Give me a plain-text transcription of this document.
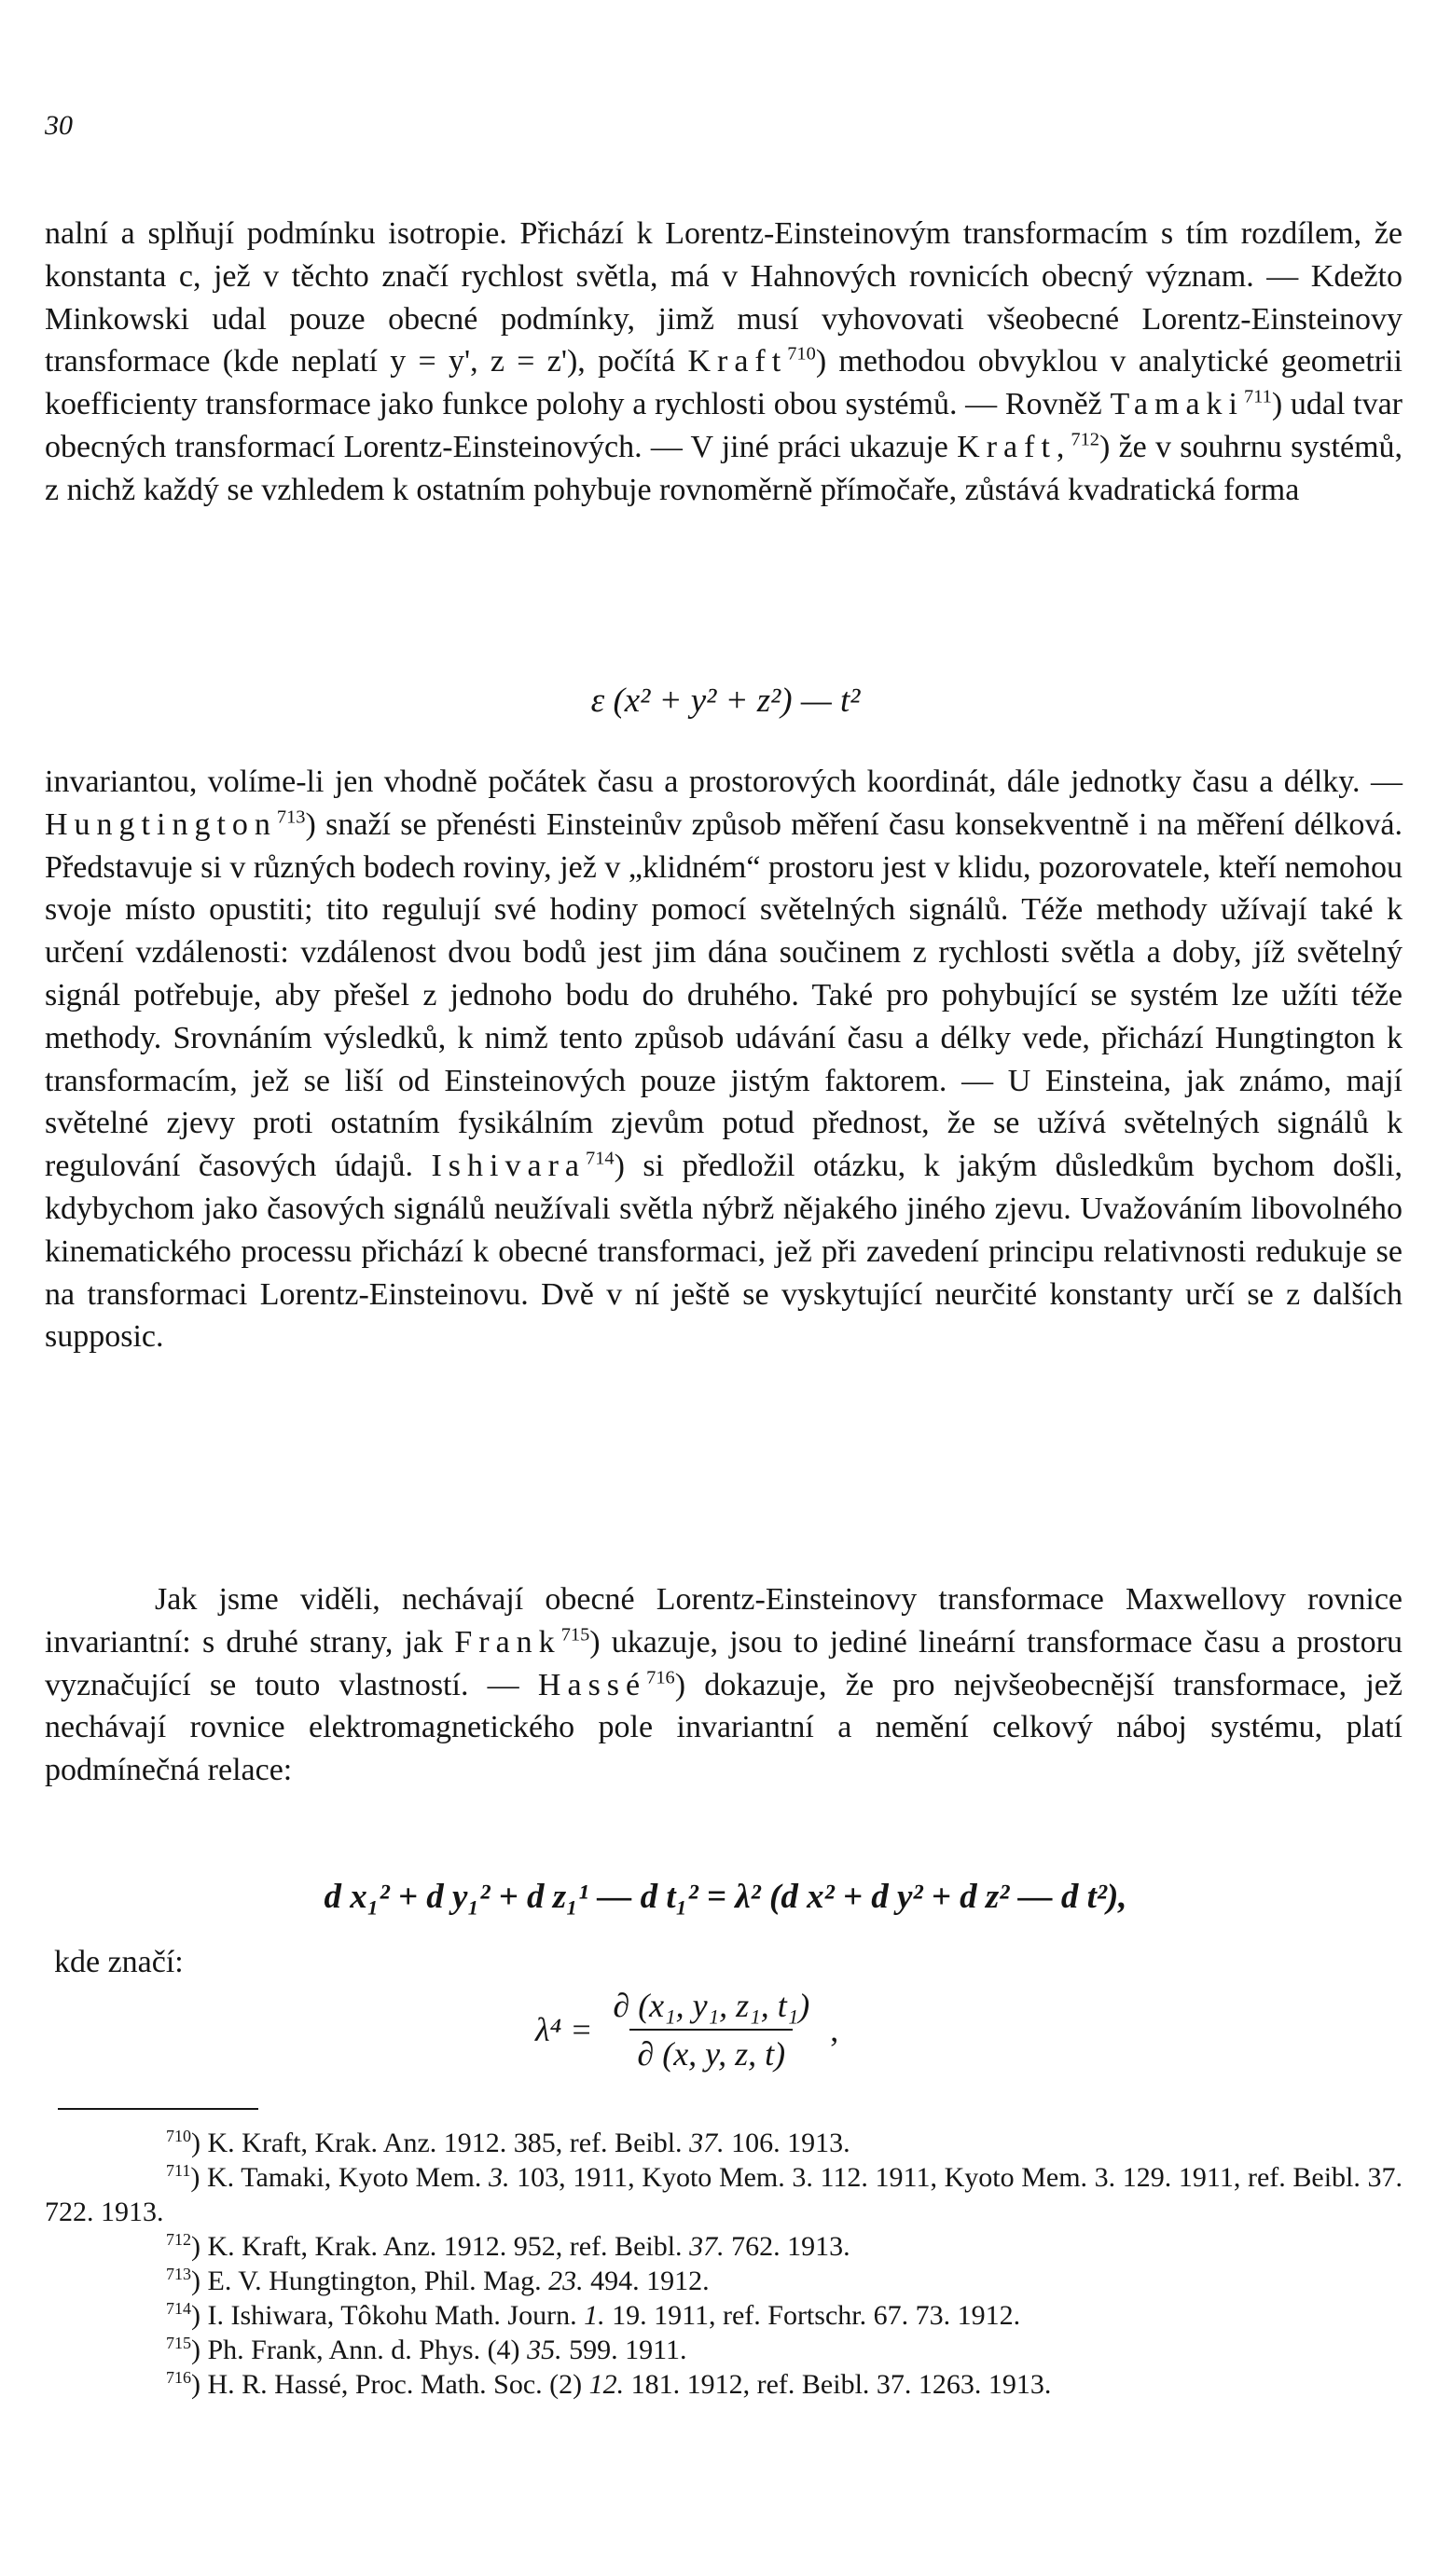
30
nalní a splňují podmínku isotropie. Přichází k Lorentz-Einsteinovým transformacím s tím rozdílem, že konstanta c, jež v těchto značí rychlost světla, má v Hahnových rovnicích obecný význam. — Kdežto Minkowski udal pouze obecné podmínky, jimž musí vyhovovati všeobecné Lorentz-Einsteinovy transformace (kde neplatí y = y', z = z'), počítá Kraft$^{710}$) methodou obvyklou v analytické geometrii koefficienty transformace jako funkce polohy a rychlosti obou systémů. — Rovněž Tamaki$^{711}$) udal tvar obecných transformací Lorentz-Einsteinových. — V jiné práci ukazuje Kraft,$^{712}$) že v souhrnu systémů, z nichž každý se vzhledem k ostatním pohybuje rovnoměrně přímočaře, zůstává kvadratická forma
ε (x² + y² + z²) — t²
invariantou, volíme-li jen vhodně počátek času a prostorových koordinát, dále jednotky času a délky. — Hungtington$^{713}$) snaží se přenésti Einsteinův způsob měření času konsekventně i na měření délková. Představuje si v různých bodech roviny, jež v „klidném“ prostoru jest v klidu, pozorovatele, kteří nemohou svoje místo opustiti; tito regulují své hodiny pomocí světelných signálů. Téže methody užívají také k určení vzdálenosti: vzdálenost dvou bodů jest jim dána součinem z rychlosti světla a doby, jíž světelný signál potřebuje, aby přešel z jednoho bodu do druhého. Také pro pohybující se systém lze užíti téže methody. Srovnáním výsledků, k nimž tento způsob udávání času a délky vede, přichází Hungtington k transformacím, jež se liší od Einsteinových pouze jistým faktorem. — U Einsteina, jak známo, mají světelné zjevy proti ostatním fysikálním zjevům potud přednost, že se užívá světelných signálů k regulování časových údajů. Ishivara$^{714}$) si předložil otázku, k jakým důsledkům bychom došli, kdybychom jako časových signálů neužívali světla nýbrž nějakého jiného zjevu. Uvažováním libovolného kinematického processu přichází k obecné transformaci, jež při zavedení principu relativnosti redukuje se na transformaci Lorentz-Einsteinovu. Dvě v ní ještě se vyskytující neurčité konstanty určí se z dalších supposic.
Jak jsme viděli, nechávají obecné Lorentz-Einsteinovy transformace Maxwellovy rovnice invariantní: s druhé strany, jak Frank$^{715}$) ukazuje, jsou to jediné lineární transformace času a prostoru vyznačující se touto vlastností. — Hassé$^{716}$) dokazuje, že pro nejvšeobecnější transformace, jež nechávají rovnice elektromagnetického pole invariantní a nemění celkový náboj systému, platí podmínečná relace:
d x₁² + d y₁² + d z₁¹ — d t₁² = λ² (d x² + d y² + d z² — d t²),
kde značí:
$\lambda^4 = \frac{\text{∂ (x₁, y₁, z₁, t₁)}}{\partial (x, y, z, t)}$ ,
$^{710}$) K. Kraft, Krak. Anz. 1912. 385, ref. Beibl. 37. 106. 1913.
$^{711}$) K. Tamaki, Kyoto Mem. 3. 103, 1911, Kyoto Mem. 3. 112. 1911, Kyoto Mem. 3. 129. 1911, ref. Beibl. 37. 722. 1913.
$^{712}$) K. Kraft, Krak. Anz. 1912. 952, ref. Beibl. 37. 762. 1913.
$^{713}$) E. V. Hungtington, Phil. Mag. 23. 494. 1912.
$^{714}$) I. Ishiwara, Tôkohu Math. Journ. 1. 19. 1911, ref. Fortschr. 67. 73. 1912.
$^{715}$) Ph. Frank, Ann. d. Phys. (4) 35. 599. 1911.
$^{716}$) H. R. Hassé, Proc. Math. Soc. (2) 12. 181. 1912, ref. Beibl. 37. 1263. 1913.
